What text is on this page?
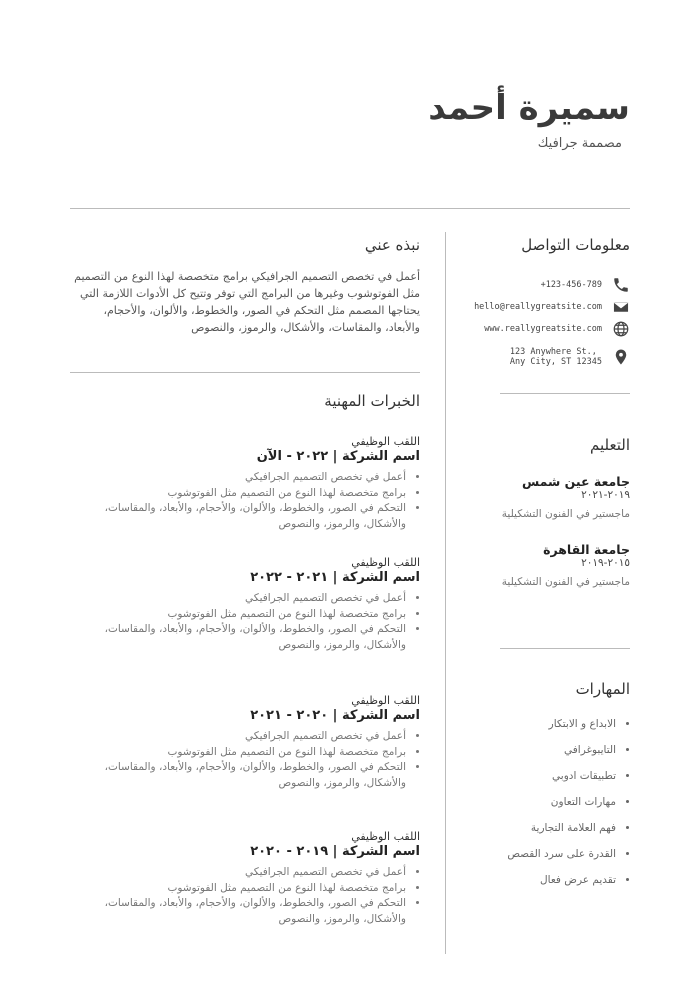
سميرة أحمد
مصممة جرافيك
نبذه عني

أعمل في تخصص التصميم الجرافيكي برامج متخصصة لهذا النوع من التصميم مثل الفوتوشوب وغيرها من البرامج التي توفر وتتيح كل الأدوات اللازمة التي يحتاجها المصمم مثل التحكم في الصور، والخطوط، والألوان، والأحجام، والأبعاد، والمقاسات، والأشكال، والرموز، والنصوص

معلومات التواصل
+123-456-789
hello@reallygreatsite.com
www.reallygreatsite.com
123 Anywhere St.,
Any City, ST 12345
الخبرات المهنية
اللقب الوظيفي
اسم الشركة | ٢٠٢٢ - الآن
• أعمل في تخصص التصميم الجرافيكي
• برامج متخصصة لهذا النوع من التصميم مثل الفوتوشوب
• التحكم في الصور، والخطوط، والألوان، والأحجام، والأبعاد، والمقاسات، والأشكال، والرموز، والنصوص
اللقب الوظيفي
اسم الشركة | ٢٠٢١ - ٢٠٢٢
• أعمل في تخصص التصميم الجرافيكي
• برامج متخصصة لهذا النوع من التصميم مثل الفوتوشوب
• التحكم في الصور، والخطوط، والألوان، والأحجام، والأبعاد، والمقاسات، والأشكال، والرموز، والنصوص
اللقب الوظيفي
اسم الشركة | ٢٠٢٠ - ٢٠٢١
• أعمل في تخصص التصميم الجرافيكي
• برامج متخصصة لهذا النوع من التصميم مثل الفوتوشوب
• التحكم في الصور، والخطوط، والألوان، والأحجام، والأبعاد، والمقاسات، والأشكال، والرموز، والنصوص
اللقب الوظيفي
اسم الشركة | ٢٠١٩ - ٢٠٢٠
• أعمل في تخصص التصميم الجرافيكي
• برامج متخصصة لهذا النوع من التصميم مثل الفوتوشوب
• التحكم في الصور، والخطوط، والألوان، والأحجام، والأبعاد، والمقاسات، والأشكال، والرموز، والنصوص
التعليم
جامعة عين شمس
٢٠١٩-٢٠٢١
ماجستير في الفنون التشكيلية
جامعة القاهرة
٢٠١٥-٢٠١٩
ماجستير في الفنون التشكيلية
المهارات
• الابداع و الابتكار
• التايبوغرافي
• تطبيقات ادوبي
• مهارات التعاون
• فهم العلامة التجارية
• القدرة على سرد القصص
• تقديم عرض فعال
